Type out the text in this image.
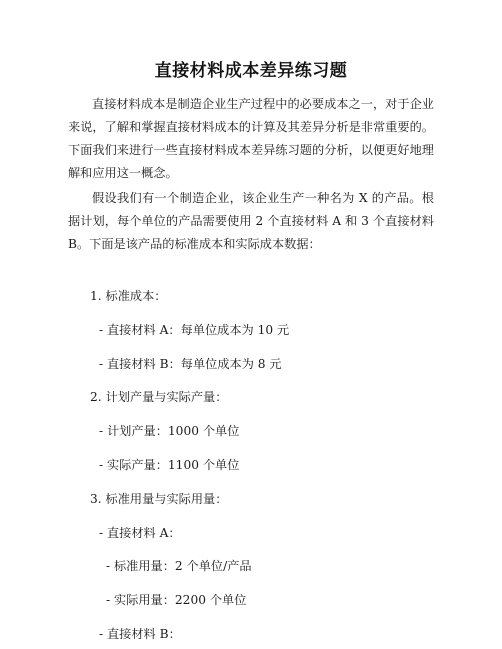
直接材料成本差异练习题

直接材料成本是制造企业生产过程中的必要成本之一，对于企业来说，了解和掌握直接材料成本的计算及其差异分析是非常重要的。下面我们来进行一些直接材料成本差异练习题的分析，以便更好地理解和应用这一概念。

假设我们有一个制造企业，该企业生产一种名为 X 的产品。根据计划，每个单位的产品需要使用 2 个直接材料 A 和 3 个直接材料 B。下面是该产品的标准成本和实际成本数据：

1. 标准成本：

- 直接材料 A：每单位成本为 10 元

- 直接材料 B：每单位成本为 8 元

2. 计划产量与实际产量：

- 计划产量：1000 个单位

- 实际产量：1100 个单位

3. 标准用量与实际用量：

- 直接材料 A：

- 标准用量：2 个单位/产品

- 实际用量：2200 个单位

- 直接材料 B：
